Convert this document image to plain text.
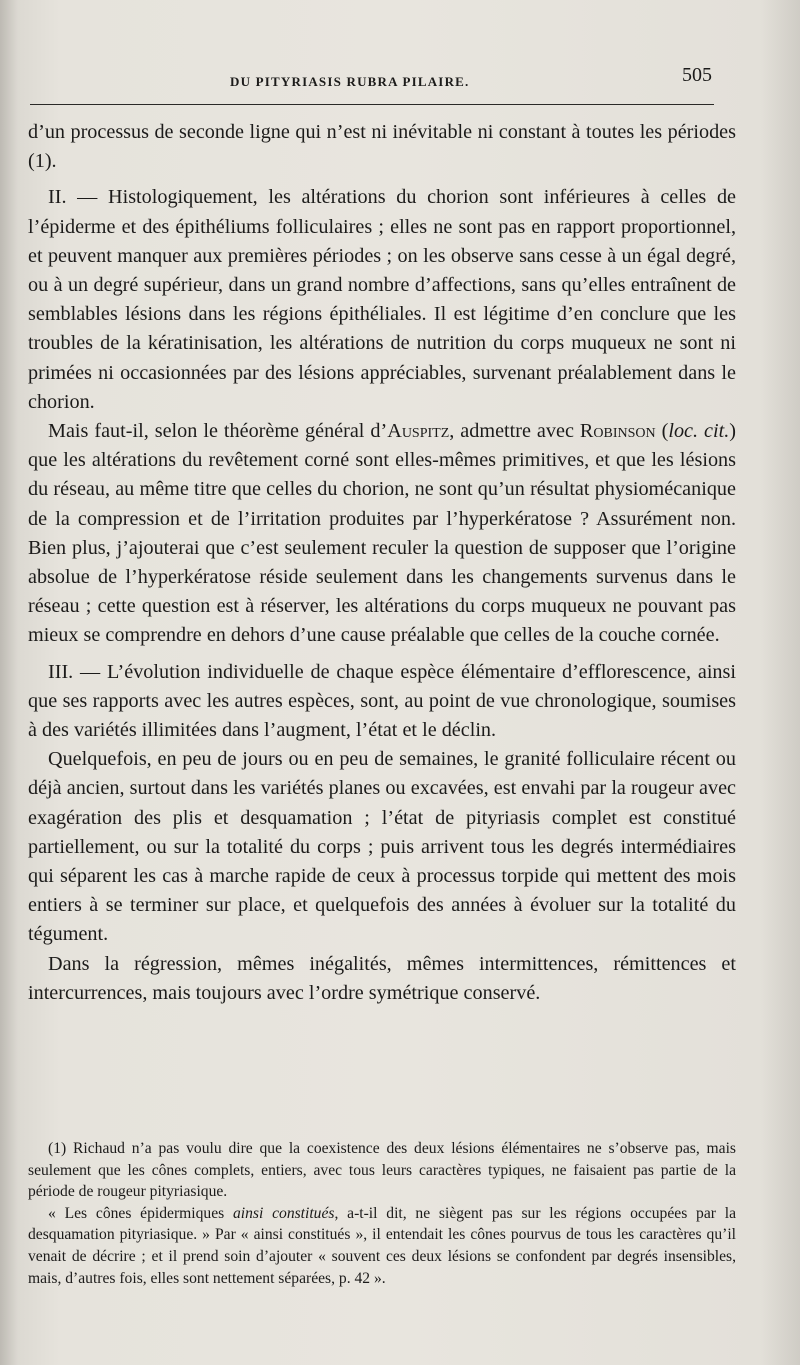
DU PITYRIASIS RUBRA PILAIRE.	505

d’un processus de seconde ligne qui n’est ni inévitable ni constant à toutes les périodes (1).

II. — Histologiquement, les altérations du chorion sont inférieures à celles de l’épiderme et des épithéliums folliculaires ; elles ne sont pas en rapport proportionnel, et peuvent manquer aux premières périodes ; on les observe sans cesse à un égal degré, ou à un degré supérieur, dans un grand nombre d’affections, sans qu’elles entraînent de semblables lésions dans les régions épithéliales. Il est légitime d’en conclure que les troubles de la kératinisation, les altérations de nutrition du corps muqueux ne sont ni primées ni occasionnées par des lésions appréciables, survenant préalablement dans le chorion.

Mais faut-il, selon le théorème général d’Auspitz, admettre avec Robinson (loc. cit.) que les altérations du revêtement corné sont elles-mêmes primitives, et que les lésions du réseau, au même titre que celles du chorion, ne sont qu’un résultat physiomécanique de la compression et de l’irritation produites par l’hyperkératose ? Assurément non. Bien plus, j’ajouterai que c’est seulement reculer la question de supposer que l’origine absolue de l’hyperkératose réside seulement dans les changements survenus dans le réseau ; cette question est à réserver, les altérations du corps muqueux ne pouvant pas mieux se comprendre en dehors d’une cause préalable que celles de la couche cornée.

III. — L’évolution individuelle de chaque espèce élémentaire d’efflorescence, ainsi que ses rapports avec les autres espèces, sont, au point de vue chronologique, soumises à des variétés illimitées dans l’augment, l’état et le déclin.

Quelquefois, en peu de jours ou en peu de semaines, le granité folliculaire récent ou déjà ancien, surtout dans les variétés planes ou excavées, est envahi par la rougeur avec exagération des plis et desquamation ; l’état de pityriasis complet est constitué partiellement, ou sur la totalité du corps ; puis arrivent tous les degrés intermédiaires qui séparent les cas à marche rapide de ceux à processus torpide qui mettent des mois entiers à se terminer sur place, et quelquefois des années à évoluer sur la totalité du tégument.

Dans la régression, mêmes inégalités, mêmes intermittences, rémittences et intercurrences, mais toujours avec l’ordre symétrique conservé.

(1) Richaud n’a pas voulu dire que la coexistence des deux lésions élémentaires ne s’observe pas, mais seulement que les cônes complets, entiers, avec tous leurs caractères typiques, ne faisaient pas partie de la période de rougeur pityriasique.

« Les cônes épidermiques ainsi constitués, a-t-il dit, ne siègent pas sur les régions occupées par la desquamation pityriasique. » Par « ainsi constitués », il entendait les cônes pourvus de tous les caractères qu’il venait de décrire ; et il prend soin d’ajouter « souvent ces deux lésions se confondent par degrés insensibles, mais, d’autres fois, elles sont nettement séparées, p. 42 ».
